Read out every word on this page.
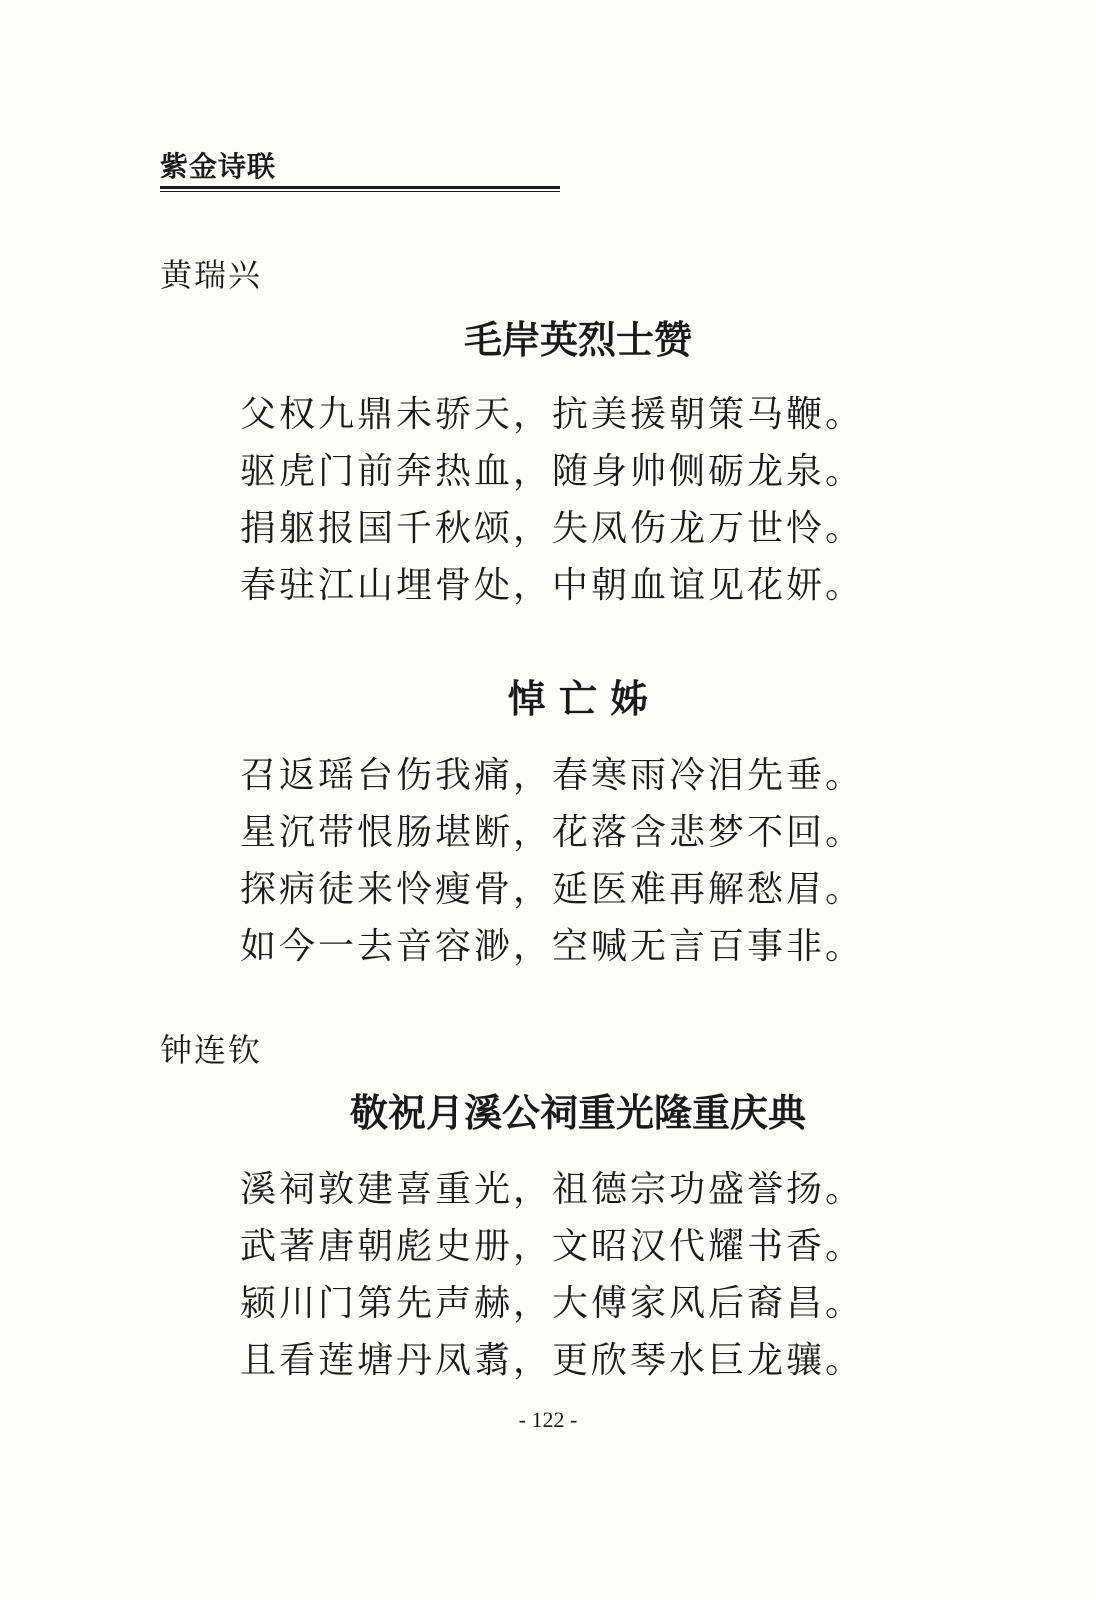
紫金诗联
黄瑞兴
毛岸英烈士赞
父权九鼎未骄天，抗美援朝策马鞭。
驱虎门前奔热血，随身帅侧砺龙泉。
捐躯报国千秋颂，失凤伤龙万世怜。
春驻江山埋骨处，中朝血谊见花妍。
悼 亡 姊
召返瑶台伤我痛，春寒雨冷泪先垂。
星沉带恨肠堪断，花落含悲梦不回。
探病徒来怜瘦骨，延医难再解愁眉。
如今一去音容渺，空喊无言百事非。
钟连钦
敬祝月溪公祠重光隆重庆典
溪祠敦建喜重光，祖德宗功盛誉扬。
武著唐朝彪史册，文昭汉代耀书香。
颍川门第先声赫，大傅家风后裔昌。
且看莲塘丹凤翥，更欣琴水巨龙骧。
- 122 -
